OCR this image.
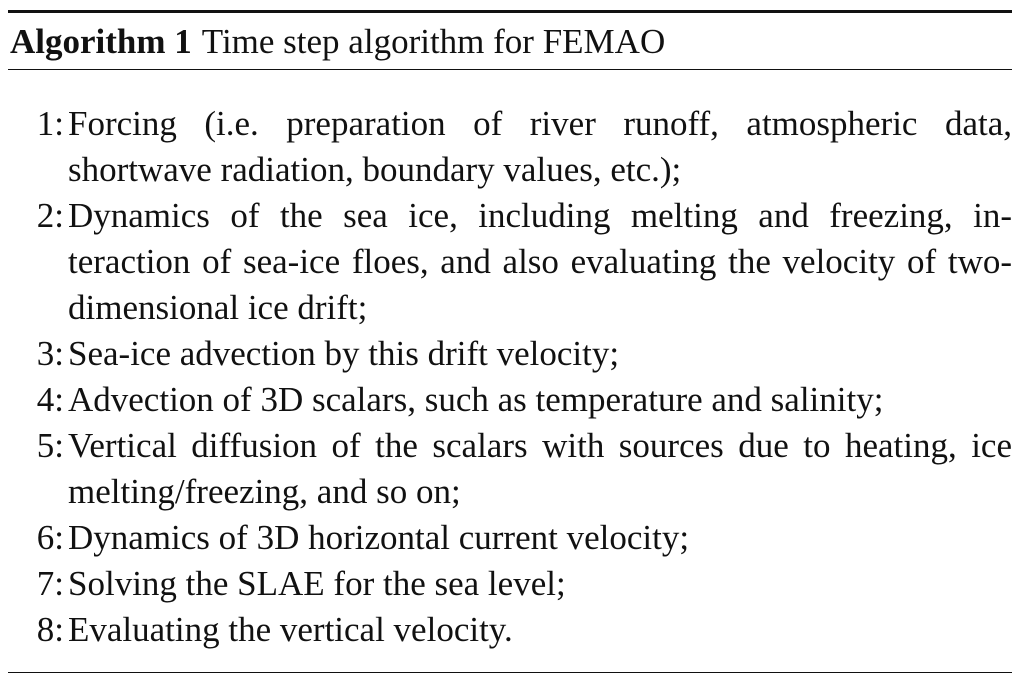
Algorithm 1 Time step algorithm for FEMAO
1: Forcing (i.e. preparation of river runoff, atmospheric data, shortwave radiation, boundary values, etc.);
2: Dynamics of the sea ice, including melting and freezing, interaction of sea-ice floes, and also evaluating the velocity of two-dimensional ice drift;
3: Sea-ice advection by this drift velocity;
4: Advection of 3D scalars, such as temperature and salinity;
5: Vertical diffusion of the scalars with sources due to heating, ice melting/freezing, and so on;
6: Dynamics of 3D horizontal current velocity;
7: Solving the SLAE for the sea level;
8: Evaluating the vertical velocity.
